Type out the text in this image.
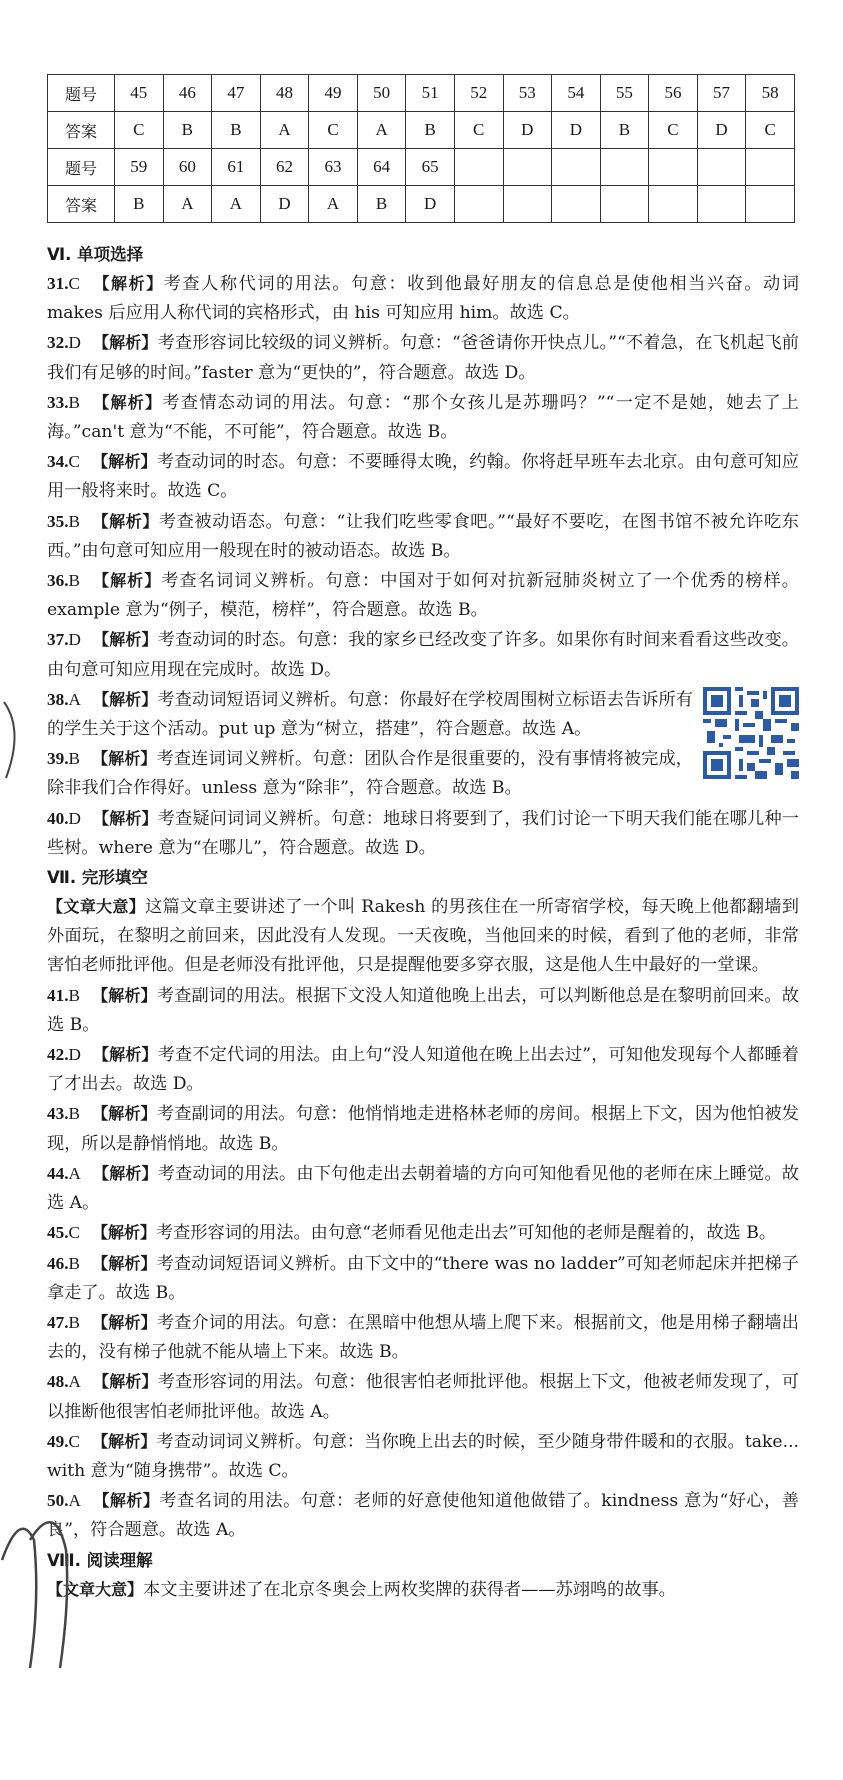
题号	45	46	47	48	49	50	51	52	53	54	55	56	57	58
答案	C	B	B	A	C	A	B	C	D	D	B	C	D	C
题号	59	60	61	62	63	64	65							
答案	B	A	A	D	A	B	D							

Ⅵ. 单项选择

31.C 【解析】考查人称代词的用法。句意：收到他最好朋友的信息总是使他相当兴奋。动词 makes 后应用人称代词的宾格形式，由 his 可知应用 him。故选 C。

32.D 【解析】考查形容词比较级的词义辨析。句意：“爸爸请你开快点儿。”“不着急，在飞机起飞前我们有足够的时间。”faster 意为“更快的”，符合题意。故选 D。

33.B 【解析】考查情态动词的用法。句意：“那个女孩儿是苏珊吗？”“一定不是她，她去了上海。”can't 意为“不能，不可能”，符合题意。故选 B。

34.C 【解析】考查动词的时态。句意：不要睡得太晚，约翰。你将赶早班车去北京。由句意可知应用一般将来时。故选 C。

35.B 【解析】考查被动语态。句意：“让我们吃些零食吧。”“最好不要吃，在图书馆不被允许吃东西。”由句意可知应用一般现在时的被动语态。故选 B。

36.B 【解析】考查名词词义辨析。句意：中国对于如何对抗新冠肺炎树立了一个优秀的榜样。example 意为“例子，模范，榜样”，符合题意。故选 B。

37.D 【解析】考查动词的时态。句意：我的家乡已经改变了许多。如果你有时间来看看这些改变。由句意可知应用现在完成时。故选 D。

38.A 【解析】考查动词短语词义辨析。句意：你最好在学校周围树立标语去告诉所有的学生关于这个活动。put up 意为“树立，搭建”，符合题意。故选 A。

39.B 【解析】考查连词词义辨析。句意：团队合作是很重要的，没有事情将被完成，除非我们合作得好。unless 意为“除非”，符合题意。故选 B。

40.D 【解析】考查疑问词词义辨析。句意：地球日将要到了，我们讨论一下明天我们能在哪儿种一些树。where 意为“在哪儿”，符合题意。故选 D。

Ⅶ. 完形填空

【文章大意】这篇文章主要讲述了一个叫 Rakesh 的男孩住在一所寄宿学校，每天晚上他都翻墙到外面玩，在黎明之前回来，因此没有人发现。一天夜晚，当他回来的时候，看到了他的老师，非常害怕老师批评他。但是老师没有批评他，只是提醒他要多穿衣服，这是他人生中最好的一堂课。

41.B 【解析】考查副词的用法。根据下文没人知道他晚上出去，可以判断他总是在黎明前回来。故选 B。

42.D 【解析】考查不定代词的用法。由上句“没人知道他在晚上出去过”，可知他发现每个人都睡着了才出去。故选 D。

43.B 【解析】考查副词的用法。句意：他悄悄地走进格林老师的房间。根据上下文，因为他怕被发现，所以是静悄悄地。故选 B。

44.A 【解析】考查动词的用法。由下句他走出去朝着墙的方向可知他看见他的老师在床上睡觉。故选 A。

45.C 【解析】考查形容词的用法。由句意“老师看见他走出去”可知他的老师是醒着的，故选 B。

46.B 【解析】考查动词短语词义辨析。由下文中的“there was no ladder”可知老师起床并把梯子拿走了。故选 B。

47.B 【解析】考查介词的用法。句意：在黑暗中他想从墙上爬下来。根据前文，他是用梯子翻墙出去的，没有梯子他就不能从墙上下来。故选 B。

48.A 【解析】考查形容词的用法。句意：他很害怕老师批评他。根据上下文，他被老师发现了，可以推断他很害怕老师批评他。故选 A。

49.C 【解析】考查动词词义辨析。句意：当你晚上出去的时候，至少随身带件暖和的衣服。take... with 意为“随身携带”。故选 C。

50.A 【解析】考查名词的用法。句意：老师的好意使他知道他做错了。kindness 意为“好心，善良”，符合题意。故选 A。

Ⅷ. 阅读理解

【文章大意】本文主要讲述了在北京冬奥会上两枚奖牌的获得者——苏翊鸣的故事。
